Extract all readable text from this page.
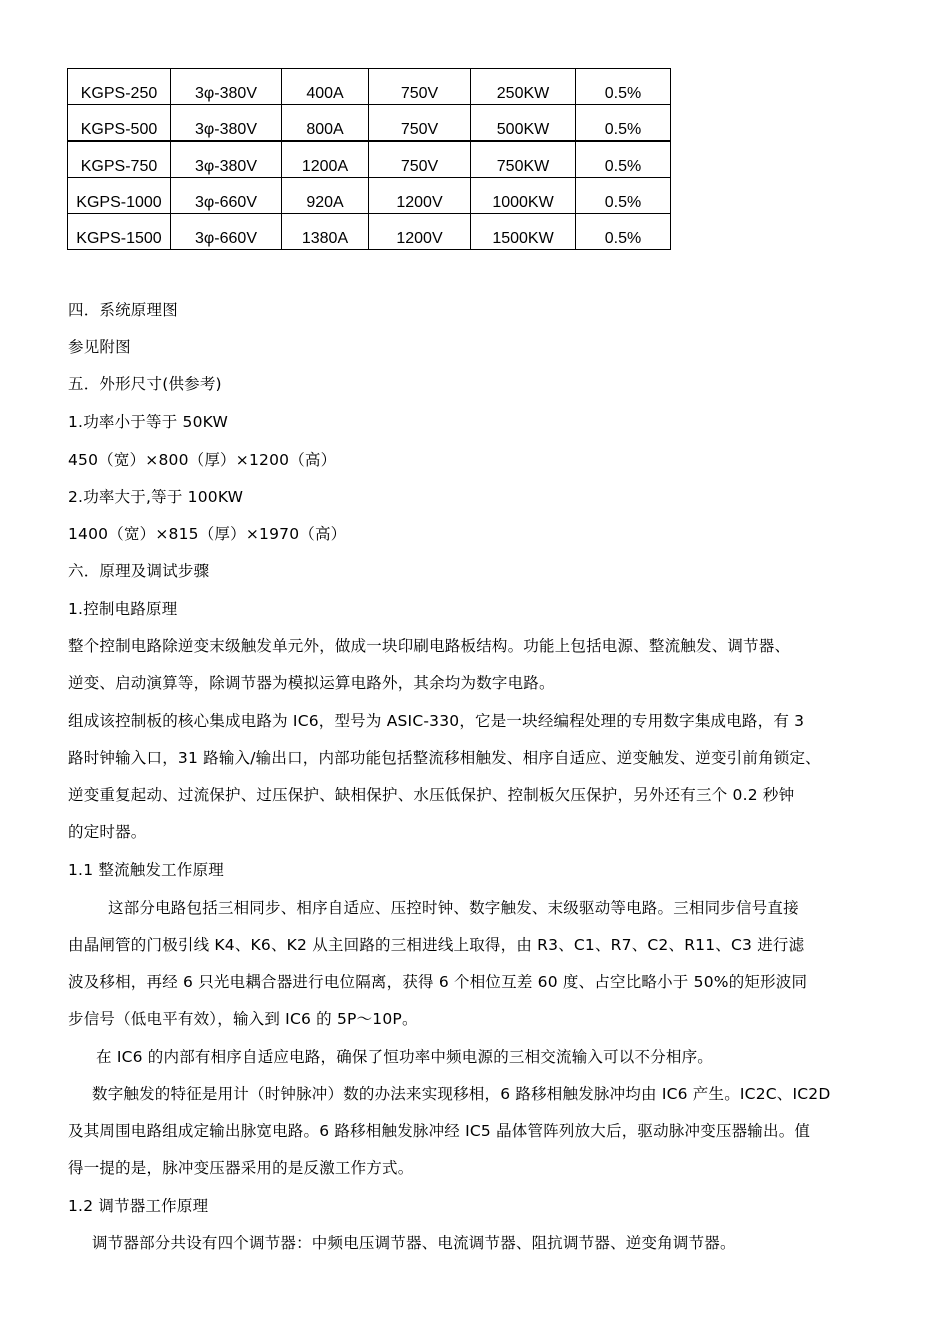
KGPS-250	3φ-380V	400A	750V	250KW	0.5%
KGPS-500	3φ-380V	800A	750V	500KW	0.5%
KGPS-750	3φ-380V	1200A	750V	750KW	0.5%
KGPS-1000	3φ-660V	920A	1200V	1000KW	0.5%
KGPS-1500	3φ-660V	1380A	1200V	1500KW	0.5%
四．系统原理图
参见附图
五．外形尺寸(供参考)
1.功率小于等于 50KW
450（宽）×800（厚）×1200（高）
2.功率大于,等于 100KW
1400（宽）×815（厚）×1970（高）
六．原理及调试步骤
1.控制电路原理
整个控制电路除逆变末级触发单元外，做成一块印刷电路板结构。功能上包括电源、整流触发、调节器、
逆变、启动演算等，除调节器为模拟运算电路外，其余均为数字电路。
组成该控制板的核心集成电路为 IC6，型号为 ASIC-330，它是一块经编程处理的专用数字集成电路，有 3
路时钟输入口，31 路输入/输出口，内部功能包括整流移相触发、相序自适应、逆变触发、逆变引前角锁定、
逆变重复起动、过流保护、过压保护、缺相保护、水压低保护、控制板欠压保护，另外还有三个 0.2 秒钟
的定时器。
1.1 整流触发工作原理
这部分电路包括三相同步、相序自适应、压控时钟、数字触发、末级驱动等电路。三相同步信号直接
由晶闸管的门极引线 K4、K6、K2 从主回路的三相进线上取得，由 R3、C1、R7、C2、R11、C3 进行滤
波及移相，再经 6 只光电耦合器进行电位隔离，获得 6 个相位互差 60 度、占空比略小于 50%的矩形波同
步信号（低电平有效），输入到 IC6 的 5P～10P。
在 IC6 的内部有相序自适应电路，确保了恒功率中频电源的三相交流输入可以不分相序。
数字触发的特征是用计（时钟脉冲）数的办法来实现移相，6 路移相触发脉冲均由 IC6 产生。IC2C、IC2D
及其周围电路组成定输出脉宽电路。6 路移相触发脉冲经 IC5 晶体管阵列放大后，驱动脉冲变压器输出。值
得一提的是，脉冲变压器采用的是反激工作方式。
1.2 调节器工作原理
调节器部分共设有四个调节器：中频电压调节器、电流调节器、阻抗调节器、逆变角调节器。
